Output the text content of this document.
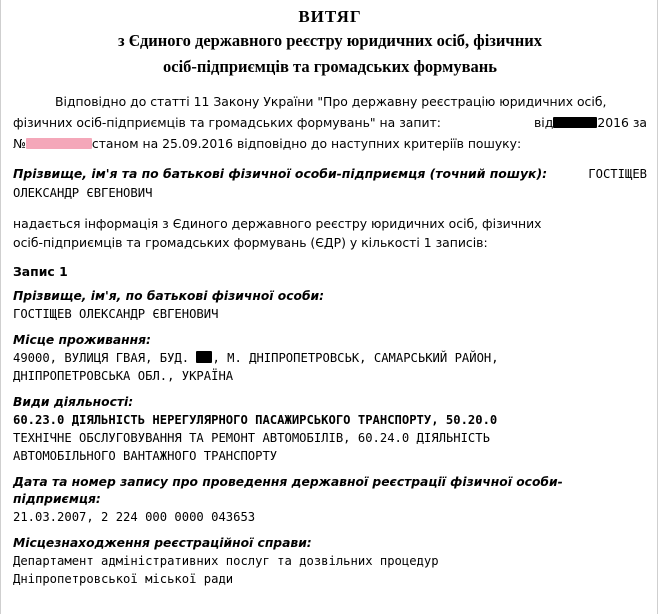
ВИТЯГ
з Єдиного державного реєстру юридичних осіб, фізичних
осіб-підприємців та громадських формувань
Відповідно до статті 11 Закону України "Про державну реєстрацію юридичних осіб,
фізичних осіб-підприємців та громадських формувань" на запит:	від	2016 за
№	станом на 25.09.2016 відповідно до наступних критеріїв пошуку:
Прізвище, ім'я та по батькові фізичної особи-підприємця (точний пошук):	ГОСТІЩЕВ
ОЛЕКСАНДР ЄВГЕНОВИЧ
надається інформація з Єдиного державного реєстру юридичних осіб, фізичних
осіб-підприємців та громадських формувань (ЄДР) у кількості 1 записів:
Запис 1
Прізвище, ім'я, по батькові фізичної особи:
ГОСТІЩЕВ ОЛЕКСАНДР ЄВГЕНОВИЧ
Місце проживання:
49000, ВУЛИЦЯ ГВАЯ, БУД. , М. ДНІПРОПЕТРОВСЬК, САМАРСЬКИЙ РАЙОН,
ДНІПРОПЕТРОВСЬКА ОБЛ., УКРАЇНА
Види діяльності:
60.23.0 ДІЯЛЬНІСТЬ НЕРЕГУЛЯРНОГО ПАСАЖИРСЬКОГО ТРАНСПОРТУ, 50.20.0
ТЕХНІЧНЕ ОБСЛУГОВУВАННЯ ТА РЕМОНТ АВТОМОБІЛІВ, 60.24.0 ДІЯЛЬНІСТЬ
АВТОМОБІЛЬНОГО ВАНТАЖНОГО ТРАНСПОРТУ
Дата та номер запису про проведення державної реєстрації фізичної особи-підприємця:
21.03.2007, 2 224 000 0000 043653
Місцезнаходження реєстраційної справи:
Департамент адміністративних послуг та дозвільних процедур
Дніпропетровської міської ради
